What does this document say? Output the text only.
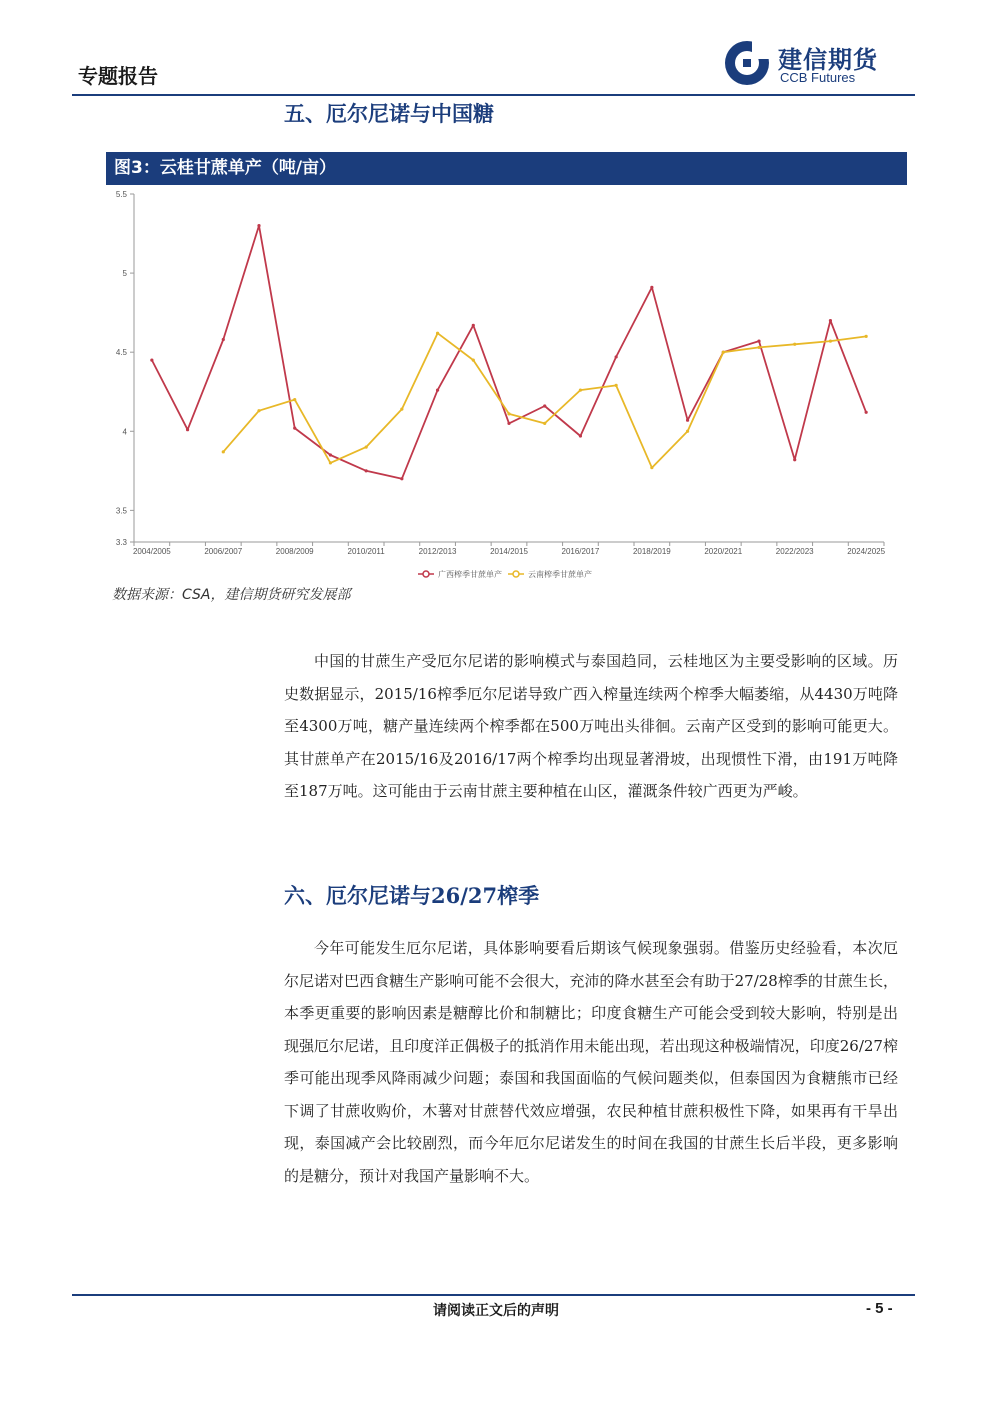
专题报告
建信期货
CCB Futures
五、厄尔尼诺与中国糖
图3：云桂甘蔗单产（吨/亩）
3.3
3.5
4
4.5
5
5.5
2004/2005	2006/2007	2008/2009	2010/2011	2012/2013	2014/2015	2016/2017	2018/2019	2020/2021	2022/2023	2024/2025
广西榨季甘蔗单产	云南榨季甘蔗单产
数据来源：CSA，建信期货研究发展部

中国的甘蔗生产受厄尔尼诺的影响模式与泰国趋同，云桂地区为主要受影响的区域。历史数据显示，2015/16榨季厄尔尼诺导致广西入榨量连续两个榨季大幅萎缩，从4430万吨降至4300万吨，糖产量连续两个榨季都在500万吨出头徘徊。云南产区受到的影响可能更大。其甘蔗单产在2015/16及2016/17两个榨季均出现显著滑坡，出现惯性下滑，由191万吨降至187万吨。这可能由于云南甘蔗主要种植在山区，灌溉条件较广西更为严峻。

六、厄尔尼诺与26/27榨季

今年可能发生厄尔尼诺，具体影响要看后期该气候现象强弱。借鉴历史经验看，本次厄尔尼诺对巴西食糖生产影响可能不会很大，充沛的降水甚至会有助于27/28榨季的甘蔗生长，本季更重要的影响因素是糖醇比价和制糖比；印度食糖生产可能会受到较大影响，特别是出现强厄尔尼诺，且印度洋正偶极子的抵消作用未能出现，若出现这种极端情况，印度26/27榨季可能出现季风降雨减少问题；泰国和我国面临的气候问题类似，但泰国因为食糖熊市已经下调了甘蔗收购价，木薯对甘蔗替代效应增强，农民种植甘蔗积极性下降，如果再有干旱出现，泰国减产会比较剧烈，而今年厄尔尼诺发生的时间在我国的甘蔗生长后半段，更多影响的是糖分，预计对我国产量影响不大。

请阅读正文后的声明	- 5 -
